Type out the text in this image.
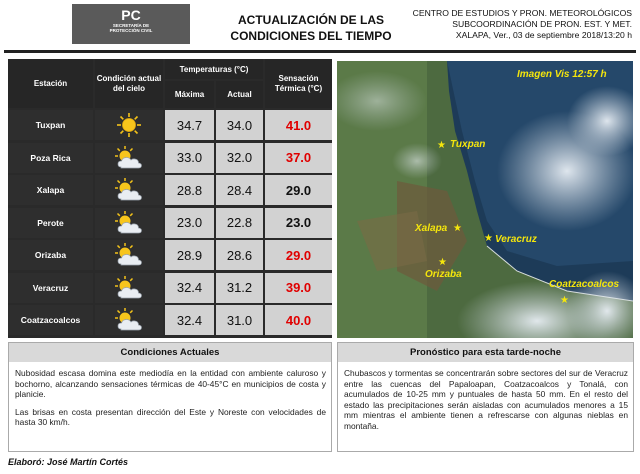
PC
SECRETARÍA DE
PROTECCIÓN CIVIL
ACTUALIZACIÓN DE LAS
CONDICIONES DEL TIEMPO
CENTRO DE ESTUDIOS Y PRON. METEOROLÓGICOS
SUBCOORDINACIÓN DE PRON. EST. Y MET.
XALAPA, Ver., 03 de septiembre 2018/13:20 h
Estación
Condición actual del cielo
Temperaturas (°C)
Máxima	Actual
Sensación Térmica (°C)
Tuxpan	34.7	34.0	41.0
Poza Rica	33.0	32.0	37.0
Xalapa	28.8	28.4	29.0
Perote	23.0	22.8	23.0
Orizaba	28.9	28.6	29.0
Veracruz	32.4	31.2	39.0
Coatzacoalcos	32.4	31.0	40.0
Imagen Vis 12:57 h
★ Tuxpan
Xalapa ★
★ Veracruz
★
Orizaba
Coatzacoalcos
★
Condiciones Actuales

Nubosidad escasa domina este mediodía en la entidad con ambiente caluroso y bochorno, alcanzando sensaciones térmicas de 40-45°C en municipios de costa y planicie.

Las brisas en costa presentan dirección del Este y Noreste con velocidades de hasta 30 km/h.

Pronóstico para esta tarde-noche

Chubascos y tormentas se concentrarán sobre sectores del sur de Veracruz entre las cuencas del Papaloapan, Coatzacoalcos y Tonalá, con acumulados de 10-25 mm y puntuales de hasta 50 mm. En el resto del estado las precipitaciones serán aisladas con acumulados menores a 15 mm mientras el ambiente tienen a refrescarse con algunas nieblas en montaña.

Elaboró: José Martín Cortés
